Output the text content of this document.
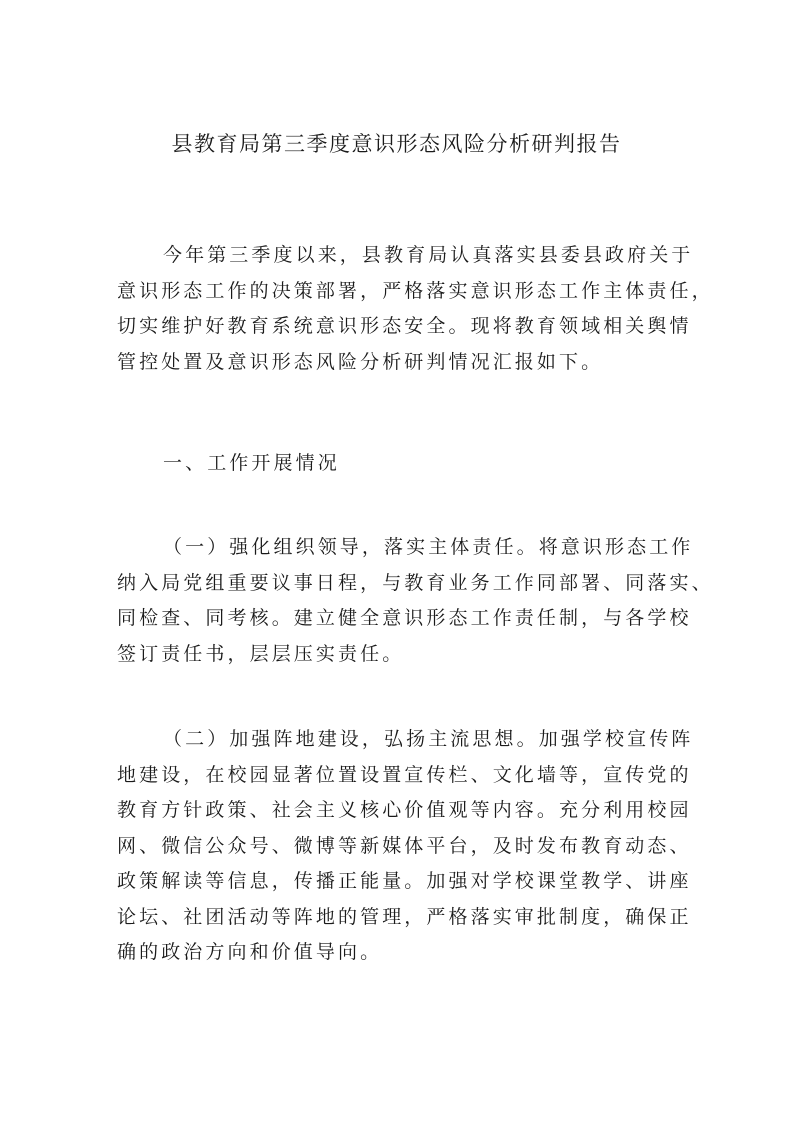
县教育局第三季度意识形态风险分析研判报告
今年第三季度以来，县教育局认真落实县委县政府关于
意识形态工作的决策部署，严格落实意识形态工作主体责任，
切实维护好教育系统意识形态安全。现将教育领域相关舆情
管控处置及意识形态风险分析研判情况汇报如下。
一、工作开展情况
（一）强化组织领导，落实主体责任。将意识形态工作
纳入局党组重要议事日程，与教育业务工作同部署、同落实、
同检查、同考核。建立健全意识形态工作责任制，与各学校
签订责任书，层层压实责任。
（二）加强阵地建设，弘扬主流思想。加强学校宣传阵
地建设，在校园显著位置设置宣传栏、文化墙等，宣传党的
教育方针政策、社会主义核心价值观等内容。充分利用校园
网、微信公众号、微博等新媒体平台，及时发布教育动态、
政策解读等信息，传播正能量。加强对学校课堂教学、讲座
论坛、社团活动等阵地的管理，严格落实审批制度，确保正
确的政治方向和价值导向。
